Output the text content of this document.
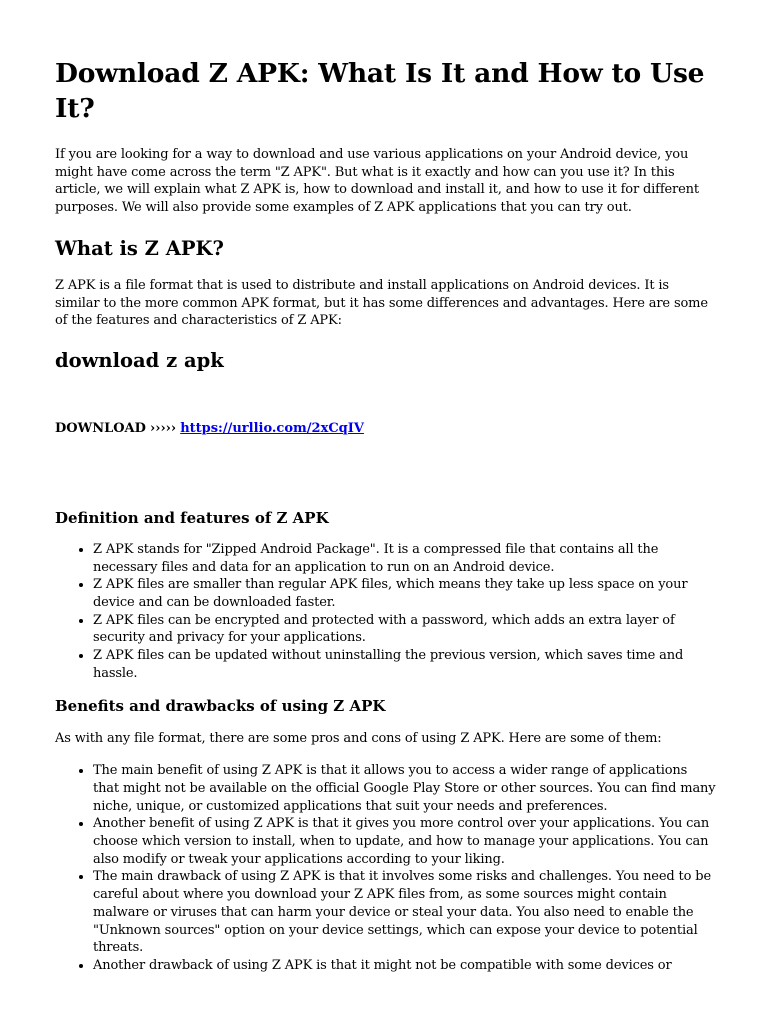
Download Z APK: What Is It and How to Use It?

If you are looking for a way to download and use various applications on your Android device, you might have come across the term "Z APK". But what is it exactly and how can you use it? In this article, we will explain what Z APK is, how to download and install it, and how to use it for different purposes. We will also provide some examples of Z APK applications that you can try out.

What is Z APK?

Z APK is a file format that is used to distribute and install applications on Android devices. It is similar to the more common APK format, but it has some differences and advantages. Here are some of the features and characteristics of Z APK:

download z apk
DOWNLOAD ››››› https://urllio.com/2xCqIV
Definition and features of Z APK
• Z APK stands for "Zipped Android Package". It is a compressed file that contains all the necessary files and data for an application to run on an Android device.
• Z APK files are smaller than regular APK files, which means they take up less space on your device and can be downloaded faster.
• Z APK files can be encrypted and protected with a password, which adds an extra layer of security and privacy for your applications.
• Z APK files can be updated without uninstalling the previous version, which saves time and hassle.
Benefits and drawbacks of using Z APK

As with any file format, there are some pros and cons of using Z APK. Here are some of them:

• The main benefit of using Z APK is that it allows you to access a wider range of applications that might not be available on the official Google Play Store or other sources. You can find many niche, unique, or customized applications that suit your needs and preferences.
• Another benefit of using Z APK is that it gives you more control over your applications. You can choose which version to install, when to update, and how to manage your applications. You can also modify or tweak your applications according to your liking.
• The main drawback of using Z APK is that it involves some risks and challenges. You need to be careful about where you download your Z APK files from, as some sources might contain malware or viruses that can harm your device or steal your data. You also need to enable the "Unknown sources" option on your device settings, which can expose your device to potential threats.
• Another drawback of using Z APK is that it might not be compatible with some devices or
